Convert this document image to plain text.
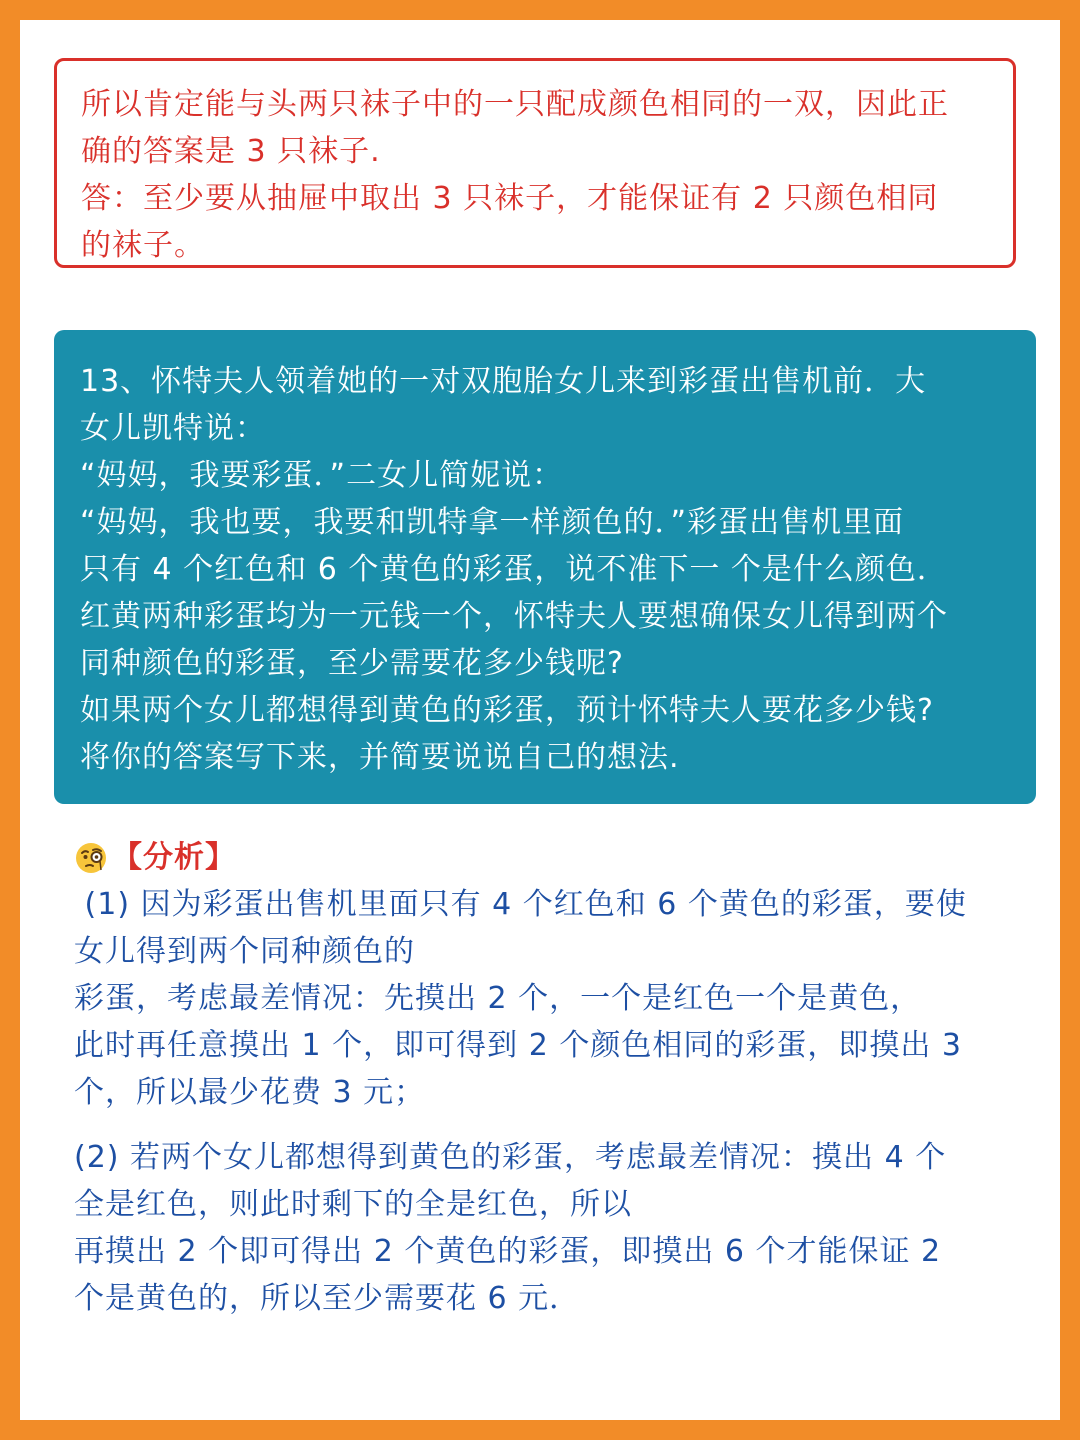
所以肯定能与头两只袜子中的一只配成颜色相同的一双，因此正

确的答案是 3 只袜子.

答：至少要从抽屉中取出 3 只袜子，才能保证有 2 只颜色相同

的袜子。

13、怀特夫人领着她的一对双胞胎女儿来到彩蛋出售机前．大

女儿凯特说：

“妈妈，我要彩蛋．”二女儿简妮说：

“妈妈，我也要，我要和凯特拿一样颜色的．”彩蛋出售机里面

只有 4 个红色和 6 个黄色的彩蛋，说不准下一 个是什么颜色．

红黄两种彩蛋均为一元钱一个，怀特夫人要想确保女儿得到两个

同种颜色的彩蛋，至少需要花多少钱呢?

如果两个女儿都想得到黄色的彩蛋，预计怀特夫人要花多少钱?

将你的答案写下来，并简要说说自己的想法.

【分析】

(1) 因为彩蛋出售机里面只有 4 个红色和 6 个黄色的彩蛋，要使

女儿得到两个同种颜色的

彩蛋，考虑最差情况：先摸出 2 个，一个是红色一个是黄色，

此时再任意摸出 1 个，即可得到 2 个颜色相同的彩蛋，即摸出 3

个，所以最少花费 3 元；

(2) 若两个女儿都想得到黄色的彩蛋，考虑最差情况：摸出 4 个

全是红色，则此时剩下的全是红色，所以

再摸出 2 个即可得出 2 个黄色的彩蛋，即摸出 6 个才能保证 2

个是黄色的，所以至少需要花 6 元．
